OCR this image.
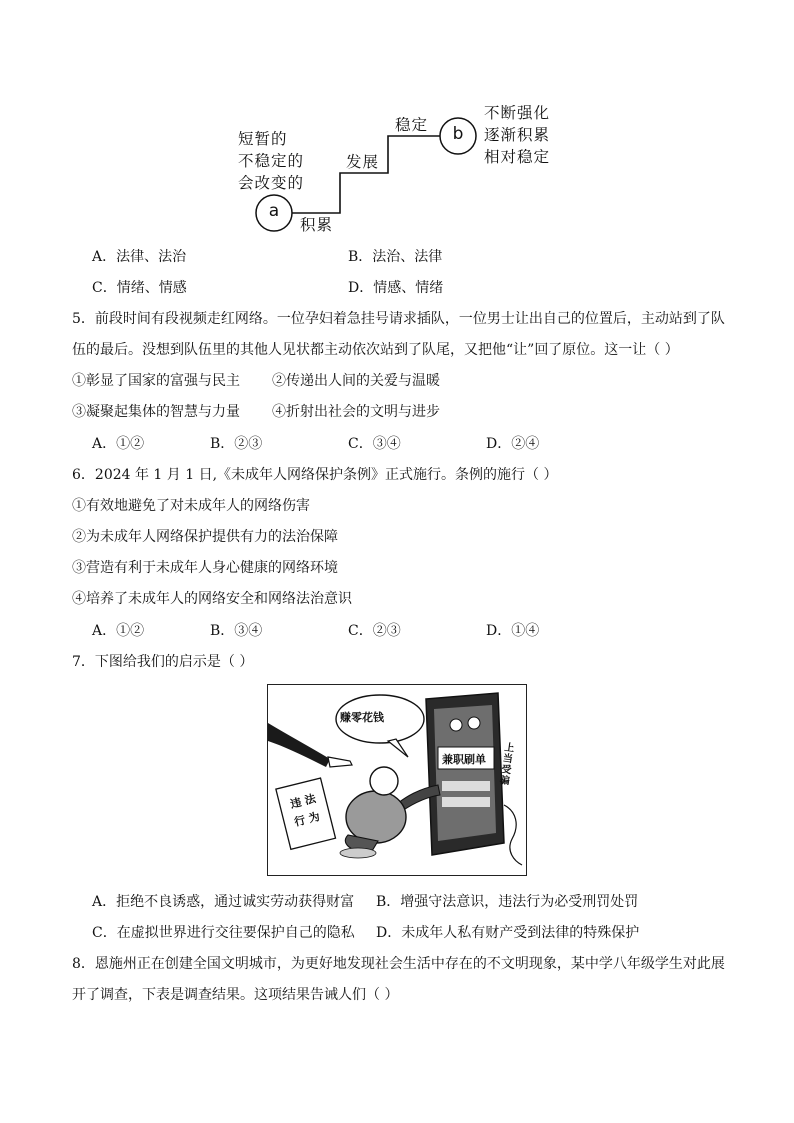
a
b
积累
发展
稳定
短暂的
不稳定的
会改变的
不断强化
逐渐积累
相对稳定
A．法律、法治	B．法治、法律
C．情绪、情感	D．情感、情绪
5．前段时间有段视频走红网络。一位孕妇着急挂号请求插队，一位男士让出自己的位置后，主动站到了队
伍的最后。没想到队伍里的其他人见状都主动依次站到了队尾，又把他“让”回了原位。这一让（ ）
①彰显了国家的富强与民主 ②传递出人间的关爱与温暖
③凝聚起集体的智慧与力量 ④折射出社会的文明与进步
A．①②	B．②③	C．③④	D．②④
6．2024 年 1 月 1 日,《未成年人网络保护条例》正式施行。条例的施行（ ）
①有效地避免了对未成年人的网络伤害
②为未成年人网络保护提供有力的法治保障
③营造有利于未成年人身心健康的网络环境
④培养了未成年人的网络安全和网络法治意识
A．①②	B．③④	C．②③	D．①④
7．下图给我们的启示是（ ）
赚零花钱
兼职刷单
上当受骗
违 法
行 为
A．拒绝不良诱惑，通过诚实劳动获得财富 B．增强守法意识，违法行为必受刑罚处罚
C．在虚拟世界进行交往要保护自己的隐私 D．未成年人私有财产受到法律的特殊保护
8．恩施州正在创建全国文明城市，为更好地发现社会生活中存在的不文明现象，某中学八年级学生对此展
开了调查，下表是调查结果。这项结果告诫人们（ ）
